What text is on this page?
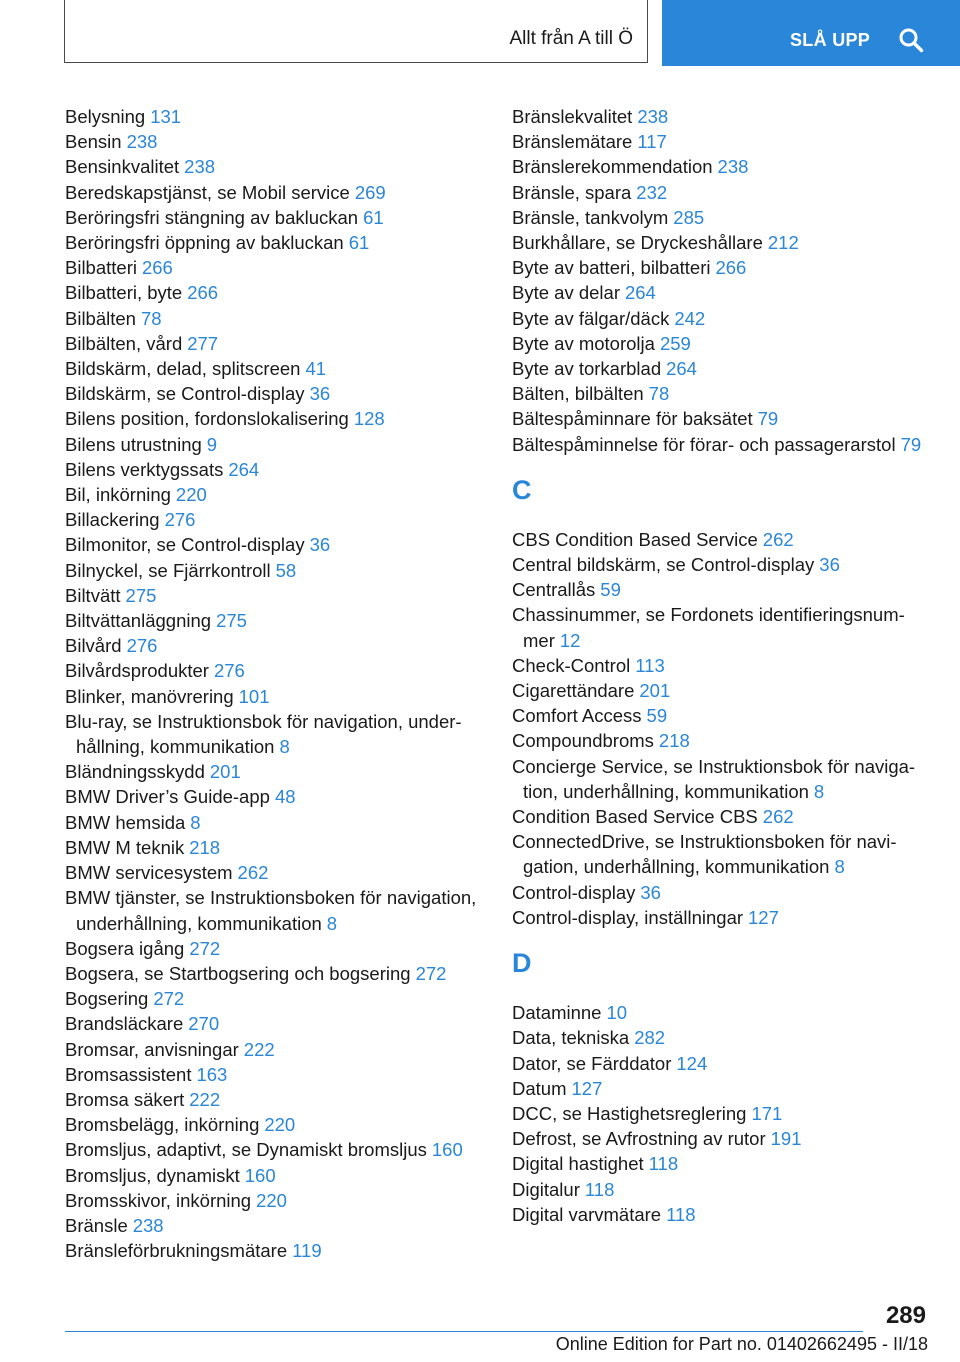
Allt från A till Ö	SLÅ UPP
Belysning 131
Bensin 238
Bensinkvalitet 238
Beredskapstjänst, se Mobil service 269
Beröringsfri stängning av bakluckan 61
Beröringsfri öppning av bakluckan 61
Bilbatteri 266
Bilbatteri, byte 266
Bilbälten 78
Bilbälten, vård 277
Bildskärm, delad, splitscreen 41
Bildskärm, se Control-display 36
Bilens position, fordonslokalisering 128
Bilens utrustning 9
Bilens verktygssats 264
Bil, inkörning 220
Billackering 276
Bilmonitor, se Control-display 36
Bilnyckel, se Fjärrkontroll 58
Biltvätt 275
Biltvättanläggning 275
Bilvård 276
Bilvårdsprodukter 276
Blinker, manövrering 101
Blu-ray, se Instruktionsbok för navigation, underhållning, kommunikation 8
Bländningsskydd 201
BMW Driver’s Guide-app 48
BMW hemsida 8
BMW M teknik 218
BMW servicesystem 262
BMW tjänster, se Instruktionsboken för navigation, underhållning, kommunikation 8
Bogsera igång 272
Bogsera, se Startbogsering och bogsering 272
Bogsering 272
Brandsläckare 270
Bromsar, anvisningar 222
Bromsassistent 163
Bromsa säkert 222
Bromsbelägg, inkörning 220
Bromsljus, adaptivt, se Dynamiskt bromsljus 160
Bromsljus, dynamiskt 160
Bromsskivor, inkörning 220
Bränsle 238
Bränsleförbrukningsmätare 119
Bränslekvalitet 238
Bränslemätare 117
Bränslerekommendation 238
Bränsle, spara 232
Bränsle, tankvolym 285
Burkhållare, se Dryckeshållare 212
Byte av batteri, bilbatteri 266
Byte av delar 264
Byte av fälgar/däck 242
Byte av motorolja 259
Byte av torkarblad 264
Bälten, bilbälten 78
Bältespåminnare för baksätet 79
Bältespåminnelse för förar- och passagerarstol 79
C
CBS Condition Based Service 262
Central bildskärm, se Control-display 36
Centrallås 59
Chassinummer, se Fordonets identifieringsnummer 12
Check-Control 113
Cigarettändare 201
Comfort Access 59
Compoundbroms 218
Concierge Service, se Instruktionsbok för navigation, underhållning, kommunikation 8
Condition Based Service CBS 262
ConnectedDrive, se Instruktionsboken för navigation, underhållning, kommunikation 8
Control-display 36
Control-display, inställningar 127
D
Dataminne 10
Data, tekniska 282
Dator, se Färddator 124
Datum 127
DCC, se Hastighetsreglering 171
Defrost, se Avfrostning av rutor 191
Digital hastighet 118
Digitalur 118
Digital varvmätare 118
289
Online Edition for Part no. 01402662495 - II/18
